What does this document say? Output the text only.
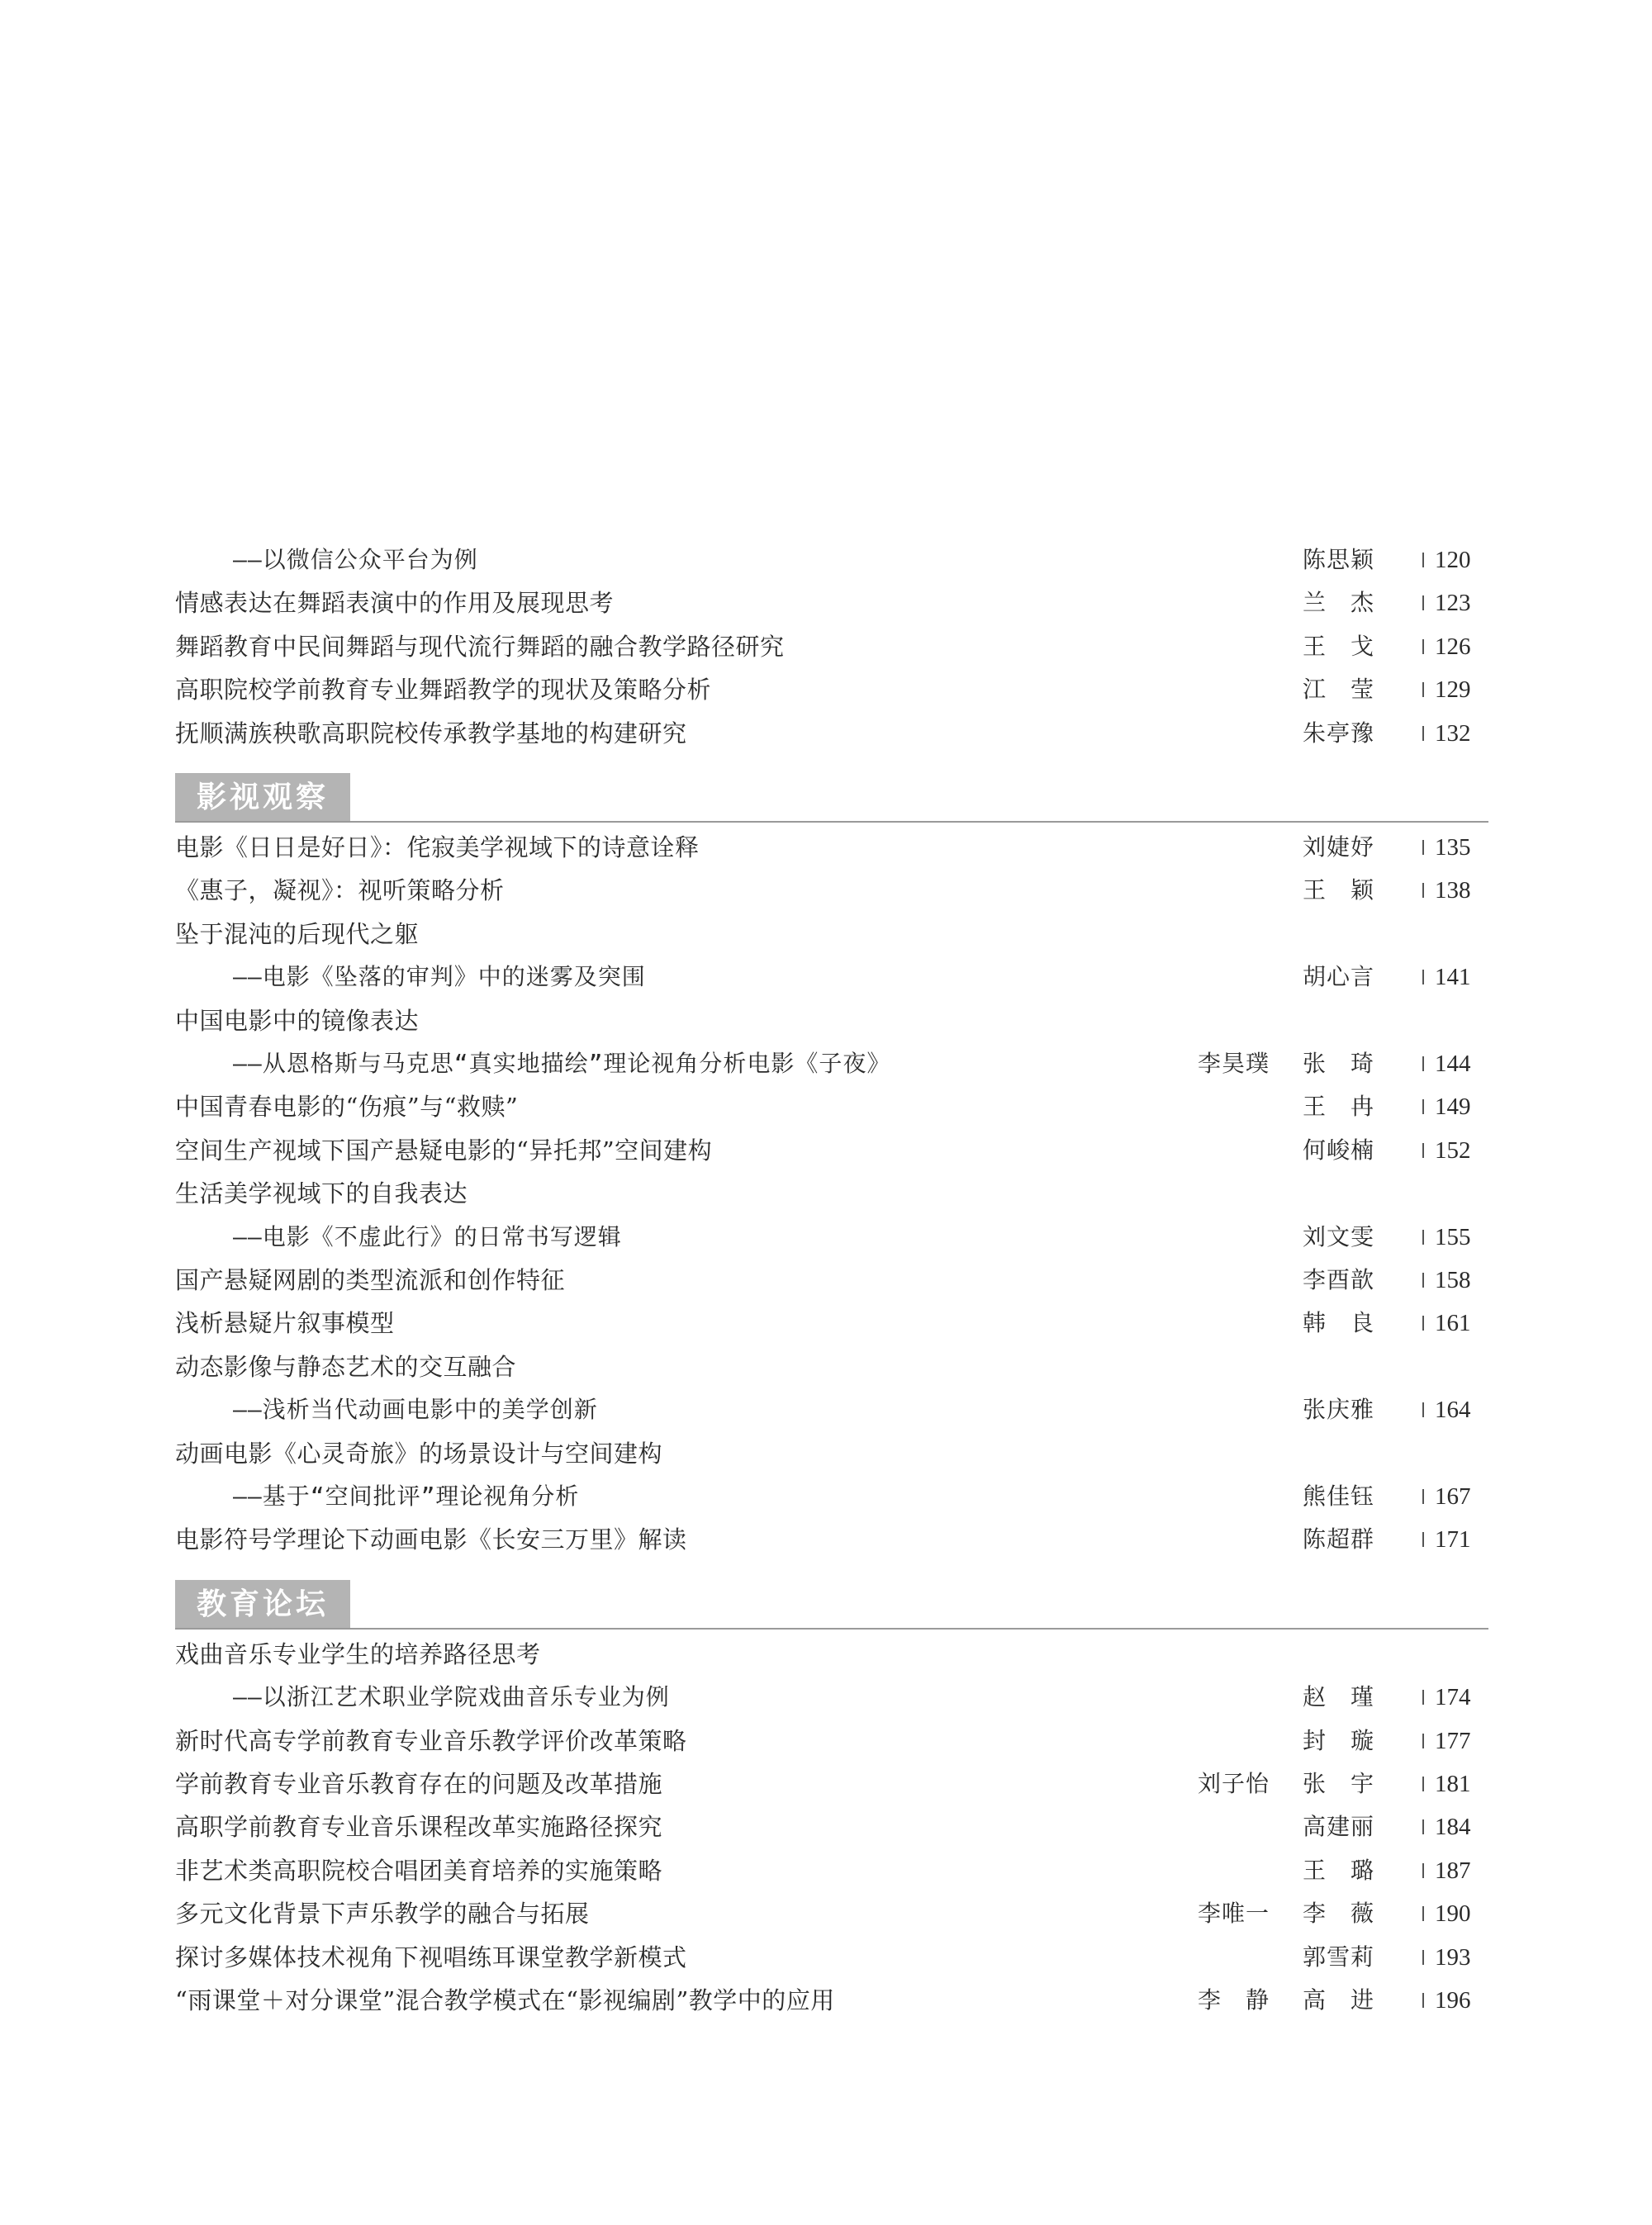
——以微信公众平台为例	陈思颖	120
情感表达在舞蹈表演中的作用及展现思考	兰　杰	123
舞蹈教育中民间舞蹈与现代流行舞蹈的融合教学路径研究	王　戈	126
高职院校学前教育专业舞蹈教学的现状及策略分析	江　莹	129
抚顺满族秧歌高职院校传承教学基地的构建研究	朱亭豫	132
影视观察
电影《日日是好日》：侘寂美学视域下的诗意诠释	刘婕妤	135
《惠子，凝视》：视听策略分析	王　颖	138
坠于混沌的后现代之躯
——电影《坠落的审判》中的迷雾及突围	胡心言	141
中国电影中的镜像表达
——从恩格斯与马克思“真实地描绘”理论视角分析电影《子夜》	李昊璞 张　琦	144
中国青春电影的“伤痕”与“救赎”	王　冉	149
空间生产视域下国产悬疑电影的“异托邦”空间建构	何峻楠	152
生活美学视域下的自我表达
——电影《不虚此行》的日常书写逻辑	刘文雯	155
国产悬疑网剧的类型流派和创作特征	李酉歆	158
浅析悬疑片叙事模型	韩　良	161
动态影像与静态艺术的交互融合
——浅析当代动画电影中的美学创新	张庆雅	164
动画电影《心灵奇旅》的场景设计与空间建构
——基于“空间批评”理论视角分析	熊佳钰	167
电影符号学理论下动画电影《长安三万里》解读	陈超群	171
教育论坛
戏曲音乐专业学生的培养路径思考
——以浙江艺术职业学院戏曲音乐专业为例	赵　瑾	174
新时代高专学前教育专业音乐教学评价改革策略	封　璇	177
学前教育专业音乐教育存在的问题及改革措施	刘子怡 张　宇	181
高职学前教育专业音乐课程改革实施路径探究	高建丽	184
非艺术类高职院校合唱团美育培养的实施策略	王　璐	187
多元文化背景下声乐教学的融合与拓展	李唯一 李　薇	190
探讨多媒体技术视角下视唱练耳课堂教学新模式	郭雪莉	193
“雨课堂＋对分课堂”混合教学模式在“影视编剧”教学中的应用	李　静 高　进	196
